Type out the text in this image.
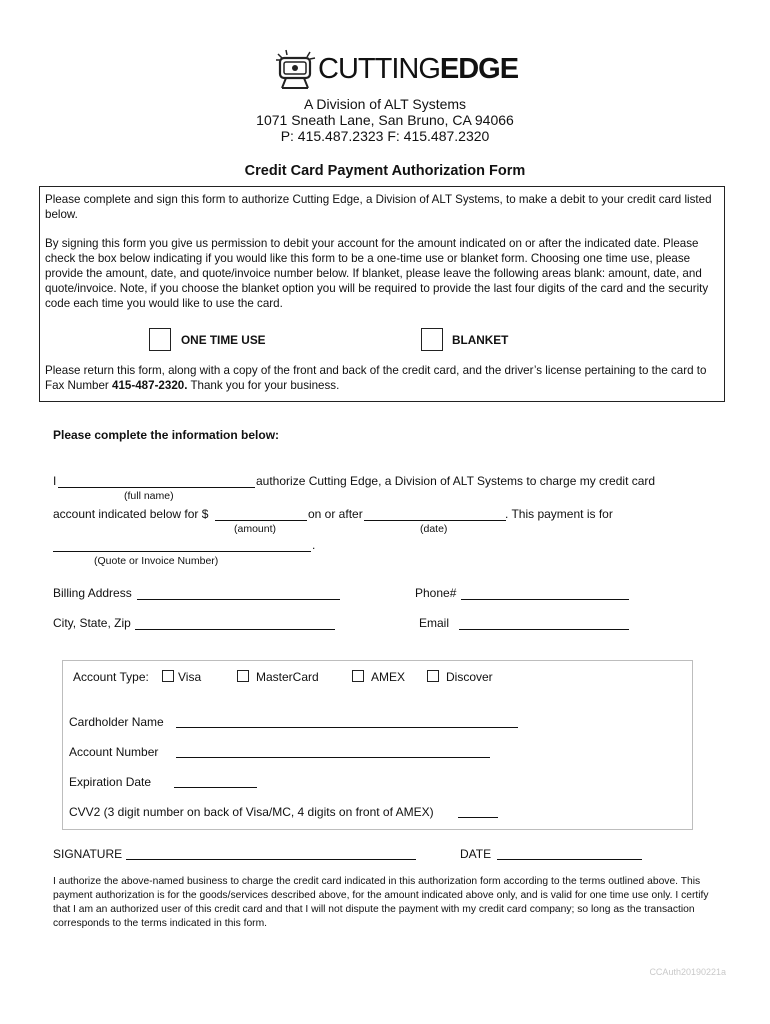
CUTTINGEDGE
A Division of ALT Systems
1071 Sneath Lane, San Bruno, CA 94066
P: 415.487.2323 F: 415.487.2320
Credit Card Payment Authorization Form
Please complete and sign this form to authorize Cutting Edge, a Division of ALT Systems, to make a debit to your credit card listed below.
By signing this form you give us permission to debit your account for the amount indicated on or after the indicated date. Please check the box below indicating if you would like this form to be a one-time use or blanket form. Choosing one time use, please provide the amount, date, and quote/invoice number below. If blanket, please leave the following areas blank: amount, date, and quote/invoice. Note, if you choose the blanket option you will be required to provide the last four digits of the card and the security code each time you would like to use the card.
ONE TIME USE	BLANKET
Please return this form, along with a copy of the front and back of the credit card, and the driver’s license pertaining to the card to Fax Number 415-487-2320. Thank you for your business.
Please complete the information below:
I	authorize Cutting Edge, a Division of ALT Systems to charge my credit card
(full name)
account indicated below for $	on or after	. This payment is for
(amount)	(date)
.
(Quote or Invoice Number)
Billing Address	Phone#
City, State, Zip	Email
Account Type: Visa	MasterCard	AMEX	Discover
Cardholder Name
Account Number
Expiration Date
CVV2 (3 digit number on back of Visa/MC, 4 digits on front of AMEX)
SIGNATURE	DATE
I authorize the above-named business to charge the credit card indicated in this authorization form according to the terms outlined above. This payment authorization is for the goods/services described above, for the amount indicated above only, and is valid for one time use only. I certify that I am an authorized user of this credit card and that I will not dispute the payment with my credit card company; so long as the transaction corresponds to the terms indicated in this form.
CCAuth20190221a
